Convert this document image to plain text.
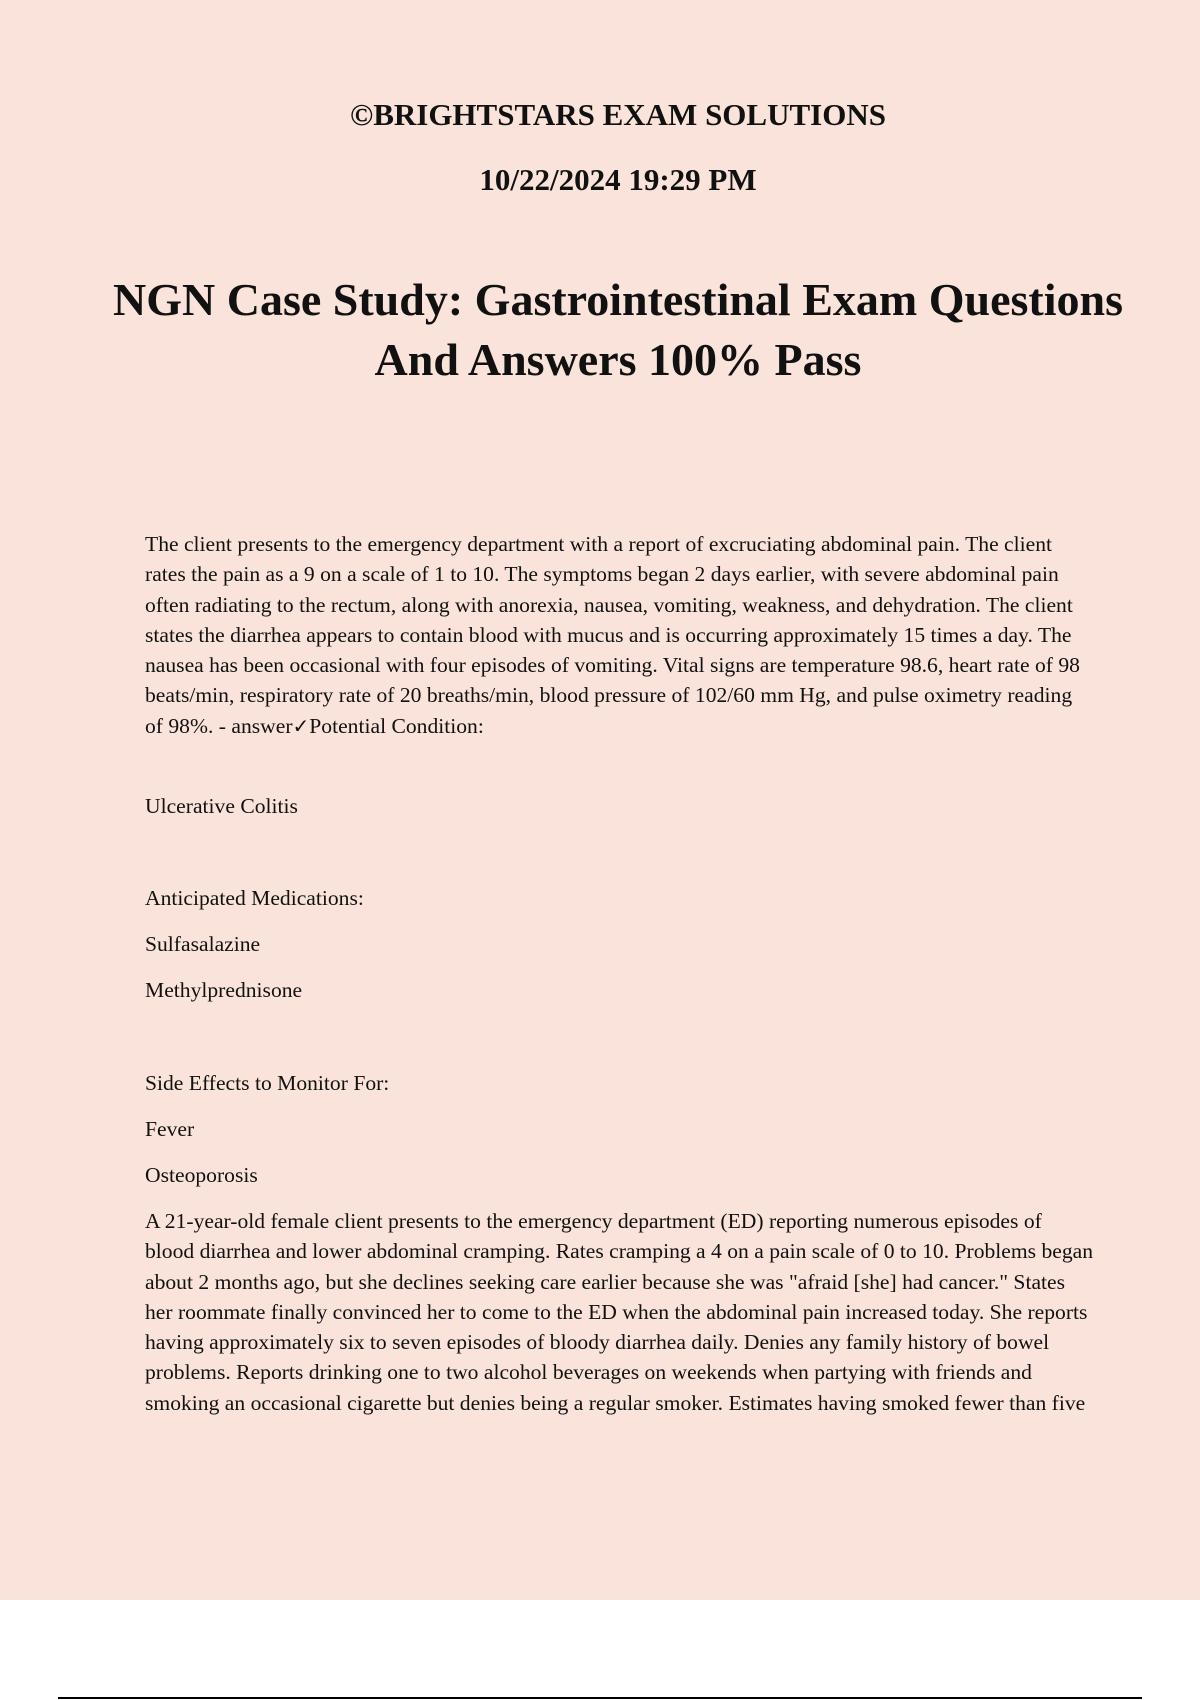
©BRIGHTSTARS EXAM SOLUTIONS

10/22/2024 19:29 PM

NGN Case Study: Gastrointestinal Exam Questions And Answers 100% Pass

The client presents to the emergency department with a report of excruciating abdominal pain. The client rates the pain as a 9 on a scale of 1 to 10. The symptoms began 2 days earlier, with severe abdominal pain often radiating to the rectum, along with anorexia, nausea, vomiting, weakness, and dehydration. The client states the diarrhea appears to contain blood with mucus and is occurring approximately 15 times a day. The nausea has been occasional with four episodes of vomiting. Vital signs are temperature 98.6, heart rate of 98 beats/min, respiratory rate of 20 breaths/min, blood pressure of 102/60 mm Hg, and pulse oximetry reading of 98%. - answer✓Potential Condition:

Ulcerative Colitis

Anticipated Medications:

Sulfasalazine

Methylprednisone

Side Effects to Monitor For:

Fever

Osteoporosis

A 21-year-old female client presents to the emergency department (ED) reporting numerous episodes of blood diarrhea and lower abdominal cramping. Rates cramping a 4 on a pain scale of 0 to 10. Problems began about 2 months ago, but she declines seeking care earlier because she was "afraid [she] had cancer." States her roommate finally convinced her to come to the ED when the abdominal pain increased today. She reports having approximately six to seven episodes of bloody diarrhea daily. Denies any family history of bowel problems. Reports drinking one to two alcohol beverages on weekends when partying with friends and smoking an occasional cigarette but denies being a regular smoker. Estimates having smoked fewer than five
